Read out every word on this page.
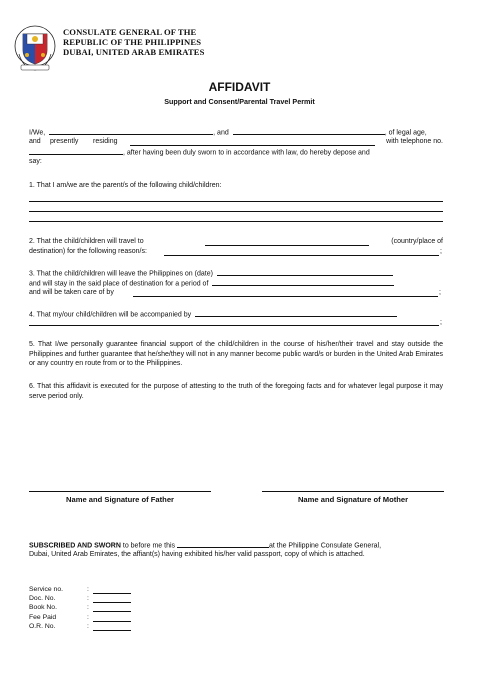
CONSULATE GENERAL OF THE
REPUBLIC OF THE PHILIPPINES
DUBAI, UNITED ARAB EMIRATES
AFFIDAVIT
Support and Consent/Parental Travel Permit
I/We,	, and	, of legal age,
and presently residing	with telephone no.
, after having been duly sworn to in accordance with law, do hereby depose and
say:
1. That I am/we are the parent/s of the following child/children:
2. That the child/children will travel to	(country/place of
destination) for the following reason/s:	;
3. That the child/children will leave the Philippines on (date)
and will stay in the said place of destination for a period of
and will be taken care of by	;
4. That my/our child/children will be accompanied by
;
5. That I/we personally guarantee financial support of the child/children in the course of his/her/their travel and stay outside the Philippines and further guarantee that he/she/they will not in any manner become public ward/s or burden in the United Arab Emirates or any country en route from or to the Philippines.
6. That this affidavit is executed for the purpose of attesting to the truth of the foregoing facts and for whatever legal purpose it may serve period only.
Name and Signature of Father	Name and Signature of Mother
SUBSCRIBED AND SWORN to before me this	at the Philippine Consulate General,
Dubai, United Arab Emirates, the affiant(s) having exhibited his/her valid passport, copy of which is attached.
Service no.	:
Doc. No.	:
Book No.	:
Fee Paid	:
O.R. No.	:
